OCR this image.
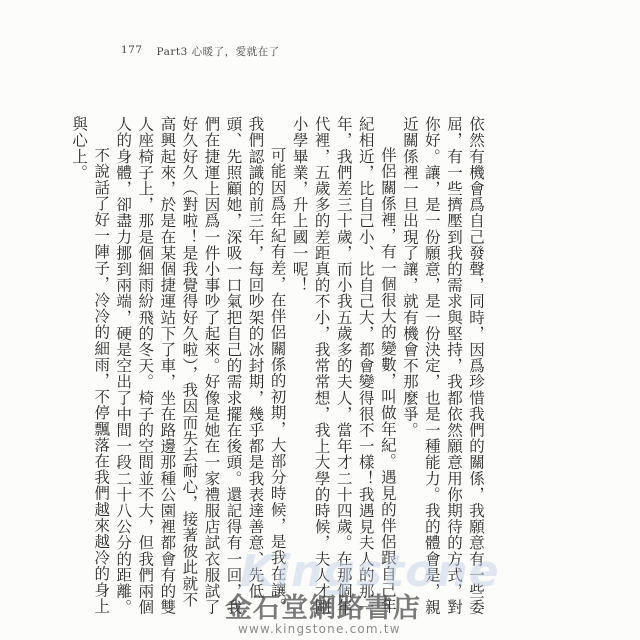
177 Part3 心暖了，愛就在了

依然有機會爲自己發聲，同時，因爲珍惜我們的關係，我願意有一些委屈，有一些擠壓到我的需求與堅持，我都依然願意用你期待的方式，對你好。讓，是一份願意，是一份決定，也是一種能力。我的體會是，親近關係裡一旦出現了讓，就有機會不那麼爭。

伴侶關係裡，有一個很大的變數，叫做年紀。遇見的伴侶跟自己年紀相近，比自己小、比自己大，都會變得很不一樣！我遇見夫人的那一年，我們差三十歲，而小我五歲多的夫人，當年才二十四歲。在那個年代裡，五歲多的差距真的不小，我常常想，我上大學的時候，夫人才剛小學畢業，升上國一呢！

可能因爲年紀有差，在伴侶關係的初期，大部分時候，是我在讓。我們認識的前三年，每回吵架的冰封期，幾乎都是我表達善意、先低頭、先照顧她，深吸一口氣把自己的需求擺在後頭。還記得有一回，我們在捷運上因爲一件小事吵了起來。好像是她在一家禮服店試衣服試了好久好久（對啦！是我覺得好久啦），我因而失去耐心，接著彼此就不高興起來，於是在某個捷運站下了車，坐在路邊那種公園裡都會有的雙人座椅子上，那是個細雨紛飛的冬天。椅子的空間並不大，但我們兩個人的身體，卻盡力挪到兩端，硬是空出了中間一段二十八公分的距離。

不說話了好一陣子，冷冷的細雨，不停飄落在我們越來越冷的身上與心上。

Kingstone
金石堂網路書店
www.kingstone.com.tw
